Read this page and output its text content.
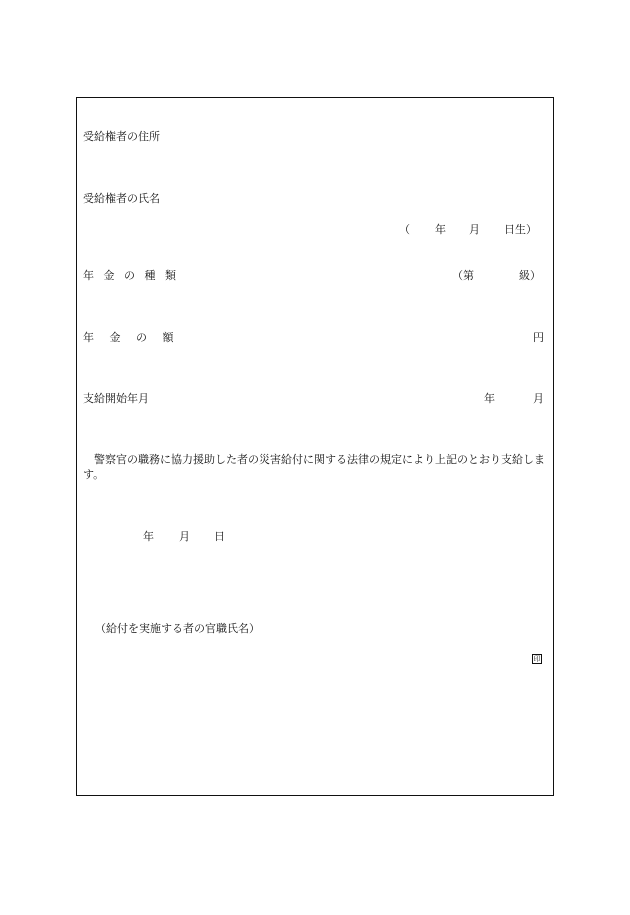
受給権者の住所
受給権者の氏名
（ 年 月 日生）
年 金 の 種 類	（第	級）
年 金 の 額	円
支給開始年月	年	月
警察官の職務に協力援助した者の災害給付に関する法律の規定により上記のとおり支給します。
年 月 日
（給付を実施する者の官職氏名）
印
